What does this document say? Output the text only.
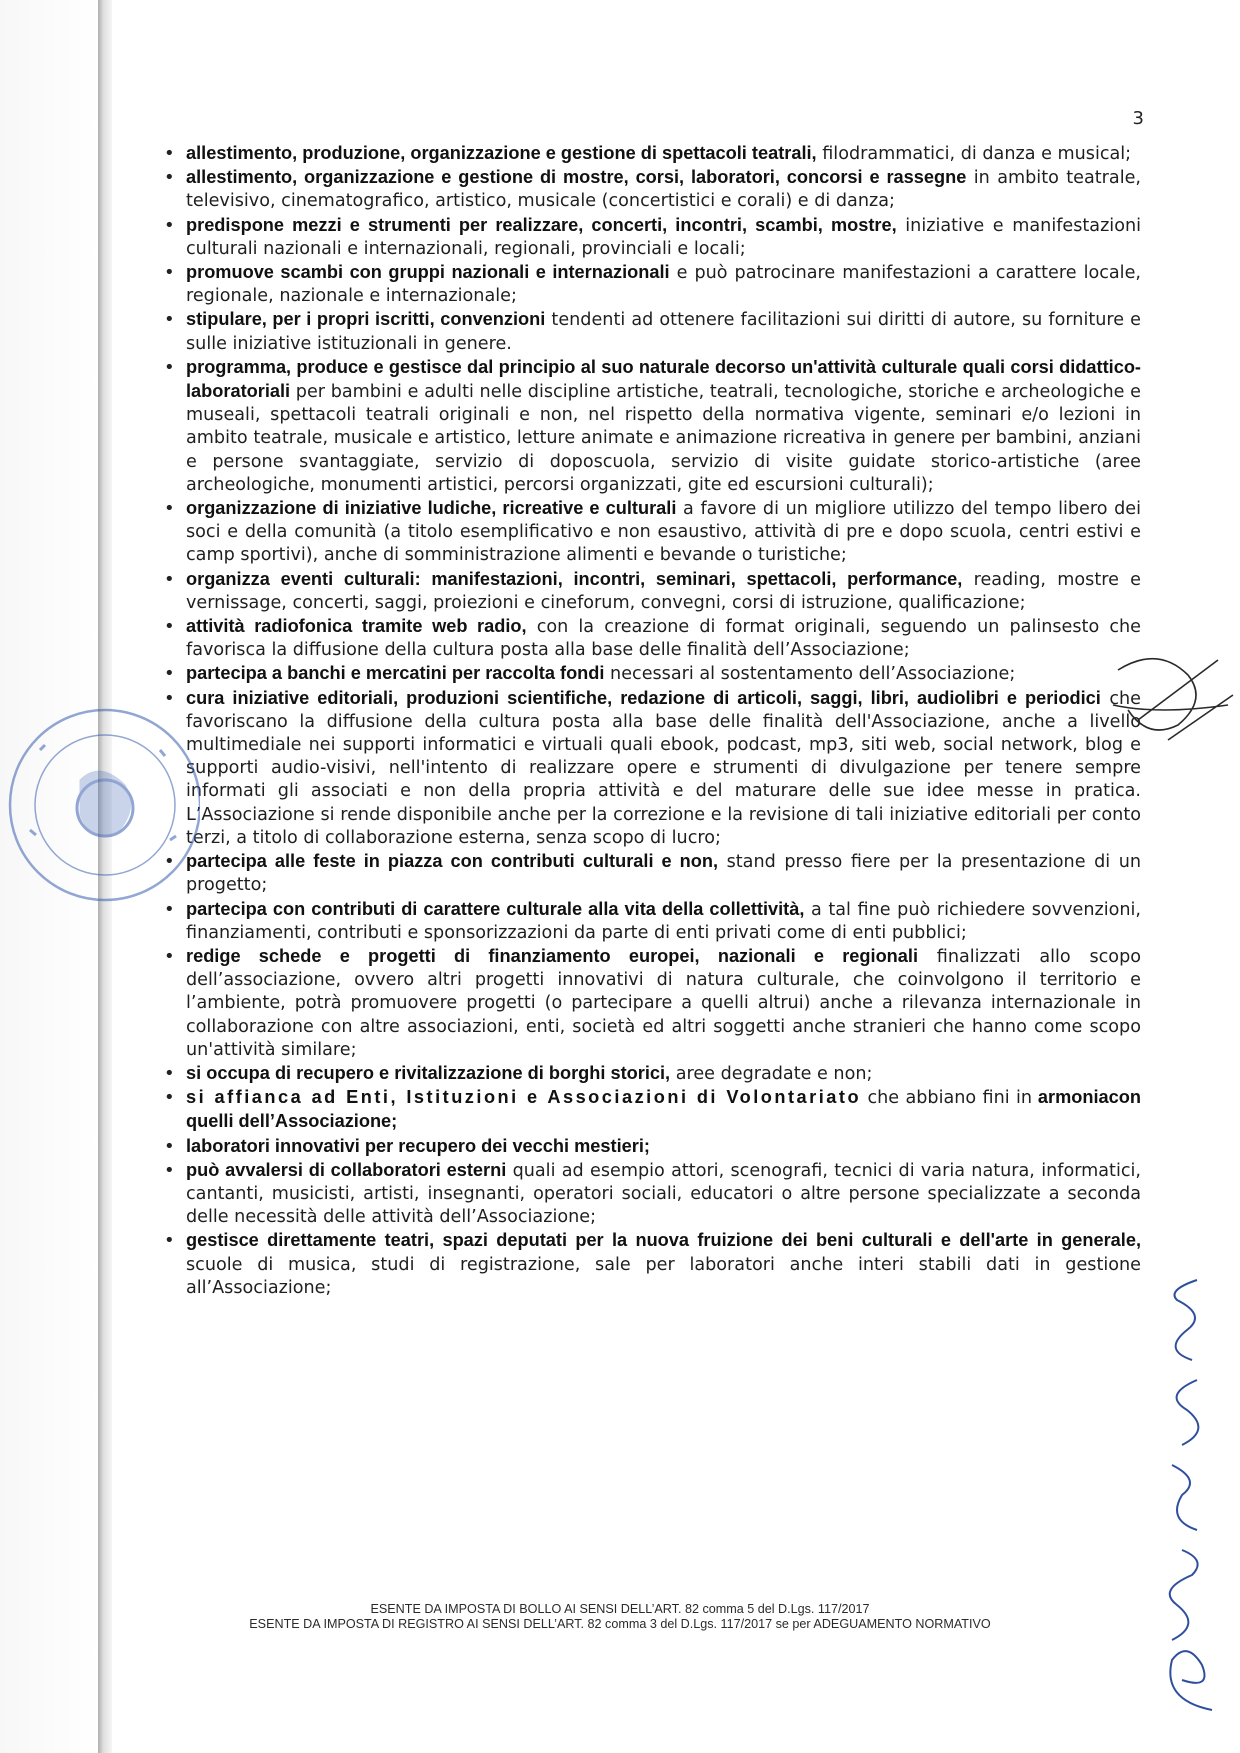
3
• allestimento, produzione, organizzazione e gestione di spettacoli teatrali, filodrammatici, di danza e musical;
• allestimento, organizzazione e gestione di mostre, corsi, laboratori, concorsi e rassegne in ambito teatrale, televisivo, cinematografico, artistico, musicale (concertistici e corali) e di danza;
• predispone mezzi e strumenti per realizzare, concerti, incontri, scambi, mostre, iniziative e manifestazioni culturali nazionali e internazionali, regionali, provinciali e locali;
• promuove scambi con gruppi nazionali e internazionali e può patrocinare manifestazioni a carattere locale, regionale, nazionale e internazionale;
• stipulare, per i propri iscritti, convenzioni tendenti ad ottenere facilitazioni sui diritti di autore, su forniture e sulle iniziative istituzionali in genere.
• programma, produce e gestisce dal principio al suo naturale decorso un'attività culturale quali corsi didattico-laboratoriali per bambini e adulti nelle discipline artistiche, teatrali, tecnologiche, storiche e archeologiche e museali, spettacoli teatrali originali e non, nel rispetto della normativa vigente, seminari e/o lezioni in ambito teatrale, musicale e artistico, letture animate e animazione ricreativa in genere per bambini, anziani e persone svantaggiate, servizio di doposcuola, servizio di visite guidate storico-artistiche (aree archeologiche, monumenti artistici, percorsi organizzati, gite ed escursioni culturali);
• organizzazione di iniziative ludiche, ricreative e culturali a favore di un migliore utilizzo del tempo libero dei soci e della comunità (a titolo esemplificativo e non esaustivo, attività di pre e dopo scuola, centri estivi e camp sportivi), anche di somministrazione alimenti e bevande o turistiche;
• organizza eventi culturali: manifestazioni, incontri, seminari, spettacoli, performance, reading, mostre e vernissage, concerti, saggi, proiezioni e cineforum, convegni, corsi di istruzione, qualificazione;
• attività radiofonica tramite web radio, con la creazione di format originali, seguendo un palinsesto che favorisca la diffusione della cultura posta alla base delle finalità dell’Associazione;
• partecipa a banchi e mercatini per raccolta fondi necessari al sostentamento dell’Associazione;
• cura iniziative editoriali, produzioni scientifiche, redazione di articoli, saggi, libri, audiolibri e periodici che favoriscano la diffusione della cultura posta alla base delle finalità dell'Associazione, anche a livello multimediale nei supporti informatici e virtuali quali ebook, podcast, mp3, siti web, social network, blog e supporti audio-visivi, nell'intento di realizzare opere e strumenti di divulgazione per tenere sempre informati gli associati e non della propria attività e del maturare delle sue idee messe in pratica. L’Associazione si rende disponibile anche per la correzione e la revisione di tali iniziative editoriali per conto terzi, a titolo di collaborazione esterna, senza scopo di lucro;
• partecipa alle feste in piazza con contributi culturali e non, stand presso fiere per la presentazione di un progetto;
• partecipa con contributi di carattere culturale alla vita della collettività, a tal fine può richiedere sovvenzioni, finanziamenti, contributi e sponsorizzazioni da parte di enti privati come di enti pubblici;
• redige schede e progetti di finanziamento europei, nazionali e regionali finalizzati allo scopo dell’associazione, ovvero altri progetti innovativi di natura culturale, che coinvolgono il territorio e l’ambiente, potrà promuovere progetti (o partecipare a quelli altrui) anche a rilevanza internazionale in collaborazione con altre associazioni, enti, società ed altri soggetti anche stranieri che hanno come scopo un'attività similare;
• si occupa di recupero e rivitalizzazione di borghi storici, aree degradate e non;
• si affianca ad Enti, Istituzioni e Associazioni di Volontariato che abbiano fini in armoniacon quelli dell’Associazione;
• laboratori innovativi per recupero dei vecchi mestieri;
• può avvalersi di collaboratori esterni quali ad esempio attori, scenografi, tecnici di varia natura, informatici, cantanti, musicisti, artisti, insegnanti, operatori sociali, educatori o altre persone specializzate a seconda delle necessità delle attività dell’Associazione;
• gestisce direttamente teatri, spazi deputati per la nuova fruizione dei beni culturali e dell'arte in generale, scuole di musica, studi di registrazione, sale per laboratori anche interi stabili dati in gestione all’Associazione;
ESENTE DA IMPOSTA DI BOLLO AI SENSI DELL’ART. 82 comma 5 del D.Lgs. 117/2017
ESENTE DA IMPOSTA DI REGISTRO AI SENSI DELL’ART. 82 comma 3 del D.Lgs. 117/2017 se per ADEGUAMENTO NORMATIVO
